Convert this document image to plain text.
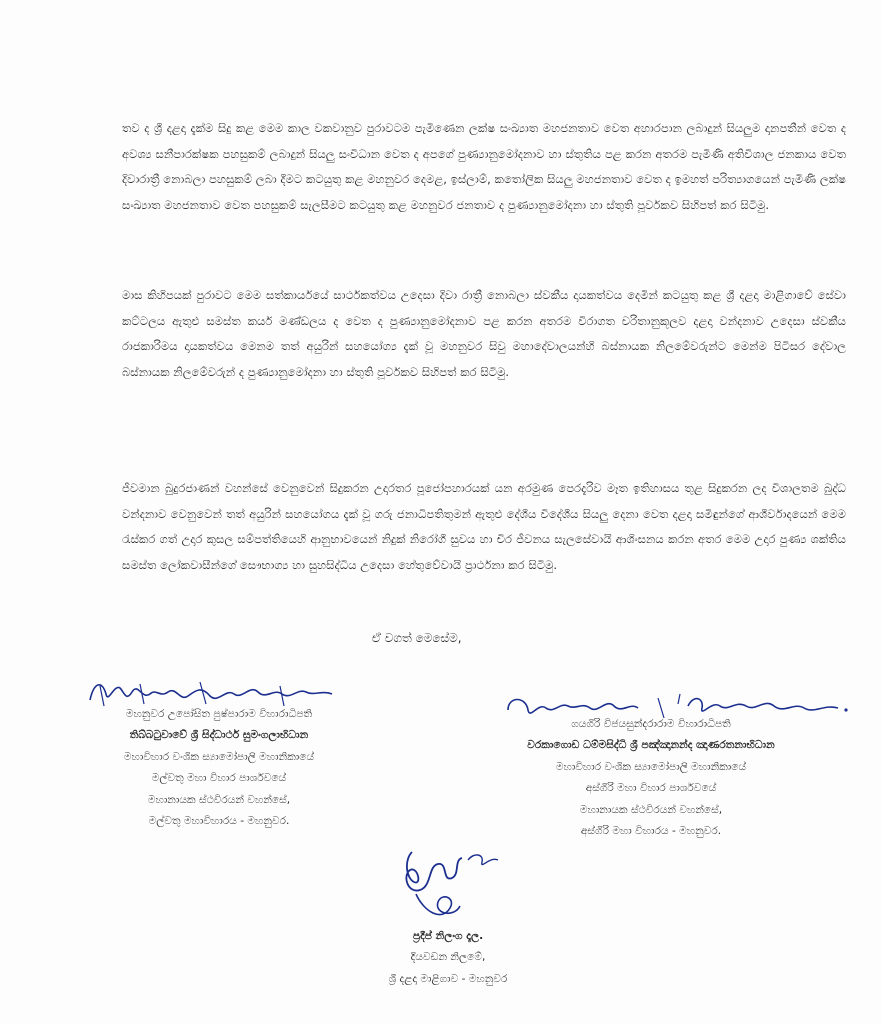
තව ද ශ්‍රී දළදා දැක්ම සිදු කළ මෙම කාල වකවානුව පුරාවටම පැමිණෙන ලක්ෂ සංඛ්‍යාත මහජනතාව වෙත අහාරපාන ලබාදුන් සියලුම දානපතීන් වෙත ද අවශ්‍ය සනීපාරක්ෂක පහසුකම් ලබාදුන් සියලු සංවිධාන වෙත ද අපගේ පුණ්‍යානුමෝදනාව හා ස්තුතිය පළ කරන අතරම පැමිණි අතිවිශාල ජනකාය වෙත දිවාරාත්‍රී නොබලා පහසුකම් ලබා දීමට කටයුතු කළ මහනුවර දෙමළ, ඉස්ලාම්, කතෝලික සියලු මහජනතාව වෙත ද ඉමහත් පරිත්‍යාගයෙන් පැමිණි ලක්ෂ සංඛ්‍යාත මහජනතාව වෙත පහසුකම් සැලසීමට කටයුතු කළ මහනුවර ජනතාව ද පුණ්‍යානුමෝදනා හා ස්තුති පූර්වකව සිහිපත් කර සිටිමු.

මාස කිහිපයක් පුරාවට මෙම සත්කාර්යයේ සාර්ථකත්වය උදෙසා දිවා රාත්‍රී නොබලා ස්වකීය දායකත්වය දෙමින් කටයුතු කළ ශ්‍රී දළදා මාළිගාවේ සේවා කට්ටලය ඇතුළු සමස්ත කර්ය මණ්ඩලය ද වෙත ද පුණ්‍යානුමෝදනාව පළ කරන අතරම විරාගත චරිතානුකූලව දළදා වන්දනාව උදෙසා ස්වකීය රාජකාරිමය දායකත්වය මෙනම තත් අයුරින් සහයෝග්‍ය දැක් වූ මහනුවර සිවු මහාදේවාලයන්හි බස්නායක නිලමේවරුන්ට මෙන්ම පිටිසර දේවාල බස්නායක නිලමේවරුන් ද පුණ්‍යානුමෝදනා හා ස්තුති පූර්වකව සිහිපත් කර සිටිමු.

ජීවමාන බුදුරජාණන් වහන්සේ වෙනුවෙන් සිදුකරන උදාරතර පූජෝපහාරයක් යන අරමුණ පෙරදැරිව මෑත ඉතිහාසය තුළ සිදුකරන ලද විශාලතම බුද්ධ වන්දනාව වෙනුවෙන් තත් අයුරින් සහයෝගය දැක් වූ ගරු ජනාධිපතිතුමන් ඇතුළු දේශීය විදේශීය සියලු දෙනා වෙත දළදා සමිඳුන්ගේ ආශීර්වාදයෙන් මෙම රැස්කර ගත් උදාර කුසල සම්පත්තියෙහි ආනුභාවයෙන් නිදුක් නිරෝගී සුවය හා චිර ජීවනය සැලසේවායි ආශිංසනය කරන අතර මෙම උදාර පුණ්‍ය ශක්තිය සමස්ත ලෝකවාසීන්ගේ සෞභාග්‍ය හා සුහසිද්ධිය උදෙසා හේතුවේවායි ප්‍රාර්ථනා කර සිටිමු.

ඒ වගත් මෙසේම,

මහනුවර උපෝසිත පුෂ්පාරාම විහාරාධිපති
තිබ්බටුවාවේ ශ්‍රී සිද්ධාර්ථ සුමංගලාභිධාන
මහාවිහාර වංශික ස්‍යාමෝපාලි මහානිකායේ
මල්වතු මහා විහාර පාර්ශවයේ
මහානායක ස්ථවිරයන් වහන්සේ,
මල්වතු මහාවිහාරය - මහනුවර.
ගයගිරි විජයසුන්දරාරාම විහාරාධිපති
වරකාගොඩ ධම්මසිද්ධි ශ්‍රී පඤ්ඤානන්ද ඤාණරතනාභිධාන
මහාවිහාර වංශික ස්‍යාමෝපාලි මහානිකායේ
අස්ගිරි මහා විහාර පාර්ශවයේ
මහානායක ස්ථවිරයන් වහන්සේ,
අස්ගිරි මහා විහාරය - මහනුවර.
ප්‍රදීප් නිලංග දෑල.
දියවඩන නිලමේ,
ශ්‍රී දළදා මාළිගාව - මහනුවර
